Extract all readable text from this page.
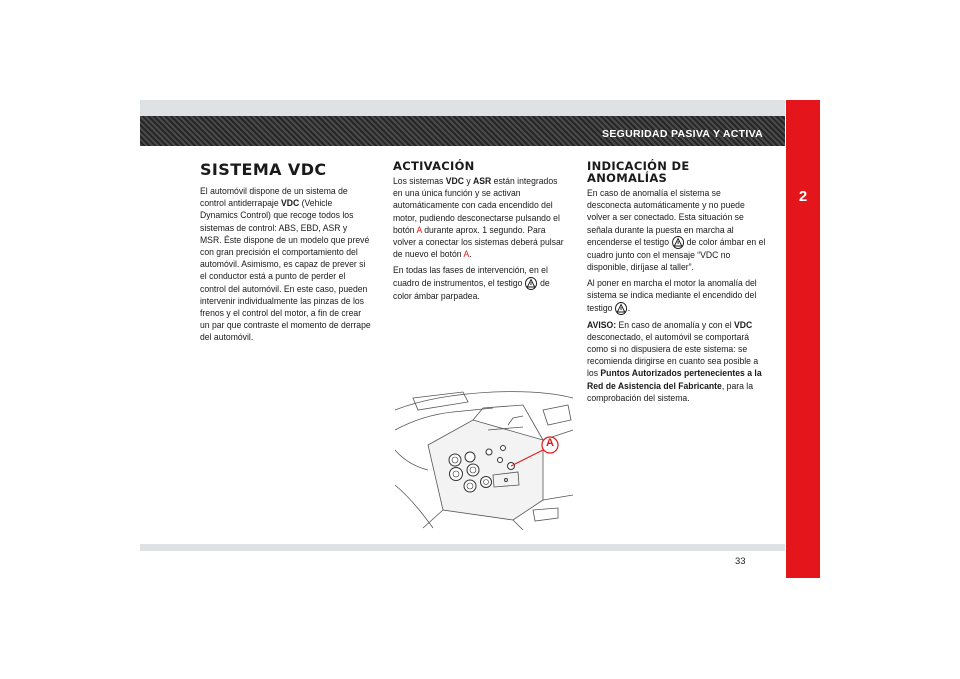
SEGURIDAD PASIVA Y ACTIVA
2
SISTEMA VDC

El automóvil dispone de un sistema de control antiderrapaje VDC (Vehicle Dynamics Control) que recoge todos los sistemas de control: ABS, EBD, ASR y MSR. Éste dispone de un modelo que prevé con gran precisión el comportamiento del automóvil. Asimismo, es capaz de prever si el conductor está a punto de perder el control del automóvil. En este caso, pueden intervenir individualmente las pinzas de los frenos y el control del motor, a fin de crear un par que contraste el momento de derrape del automóvil.

ACTIVACIÓN

Los sistemas VDC y ASR están integrados en una única función y se activan automáticamente con cada encendido del motor, pudiendo desconectarse pulsando el botón A durante aprox. 1 segundo. Para volver a conectar los sistemas deberá pulsar de nuevo el botón A.

En todas las fases de intervención, en el cuadro de instrumentos, el testigo  de color ámbar parpadea.

A
INDICACIÓN DE ANOMALÍAS

En caso de anomalía el sistema se desconecta automáticamente y no puede volver a ser conectado. Esta situación se señala durante la puesta en marcha al encenderse el testigo  de color ámbar en el cuadro junto con el mensaje “VDC no disponible, diríjase al taller”.

Al poner en marcha el motor la anomalía del sistema se indica mediante el encendido del testigo .

AVISO: En caso de anomalía y con el VDC desconectado, el automóvil se comportará como si no dispusiera de este sistema: se recomienda dirigirse en cuanto sea posible a los Puntos Autorizados pertenecientes a la Red de Asistencia del Fabricante, para la comprobación del sistema.

33
